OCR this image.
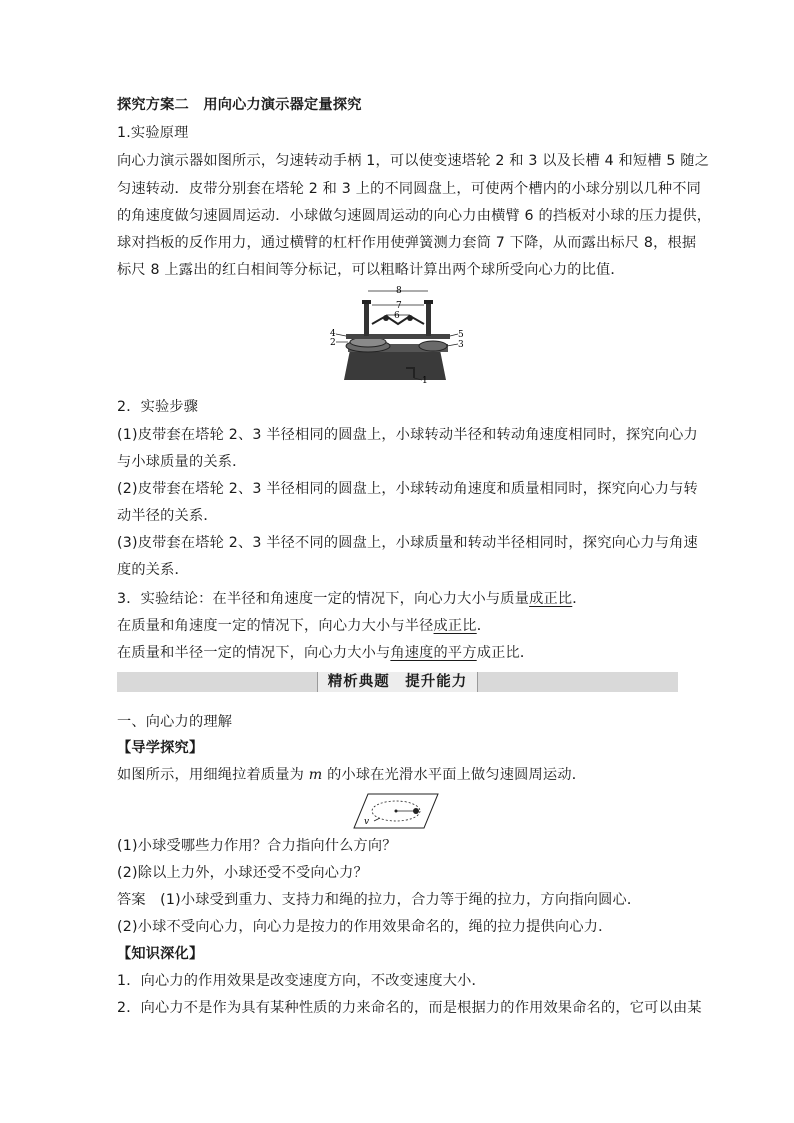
探究方案二　用向心力演示器定量探究
1.实验原理
向心力演示器如图所示，匀速转动手柄 1，可以使变速塔轮 2 和 3 以及长槽 4 和短槽 5 随之
匀速转动．皮带分别套在塔轮 2 和 3 上的不同圆盘上，可使两个槽内的小球分别以几种不同
的角速度做匀速圆周运动．小球做匀速圆周运动的向心力由横臂 6 的挡板对小球的压力提供，
球对挡板的反作用力，通过横臂的杠杆作用使弹簧测力套筒 7 下降，从而露出标尺 8，根据
标尺 8 上露出的红白相间等分标记，可以粗略计算出两个球所受向心力的比值．
8
7
6
4
2
5
3
1
2．实验步骤
(1)皮带套在塔轮 2、3 半径相同的圆盘上，小球转动半径和转动角速度相同时，探究向心力
与小球质量的关系．
(2)皮带套在塔轮 2、3 半径相同的圆盘上，小球转动角速度和质量相同时，探究向心力与转
动半径的关系．
(3)皮带套在塔轮 2、3 半径不同的圆盘上，小球质量和转动半径相同时，探究向心力与角速
度的关系．
3．实验结论：在半径和角速度一定的情况下，向心力大小与质量成正比．
在质量和角速度一定的情况下，向心力大小与半径成正比．
在质量和半径一定的情况下，向心力大小与角速度的平方成正比．
精析典题　提升能力
一、向心力的理解
【导学探究】
如图所示，用细绳拉着质量为 m 的小球在光滑水平面上做匀速圆周运动．
v
(1)小球受哪些力作用？合力指向什么方向？
(2)除以上力外，小球还受不受向心力？
答案　 (1)小球受到重力、支持力和绳的拉力，合力等于绳的拉力，方向指向圆心．
(2)小球不受向心力，向心力是按力的作用效果命名的，绳的拉力提供向心力．
【知识深化】
1．向心力的作用效果是改变速度方向，不改变速度大小．
2．向心力不是作为具有某种性质的力来命名的，而是根据力的作用效果命名的，它可以由某
